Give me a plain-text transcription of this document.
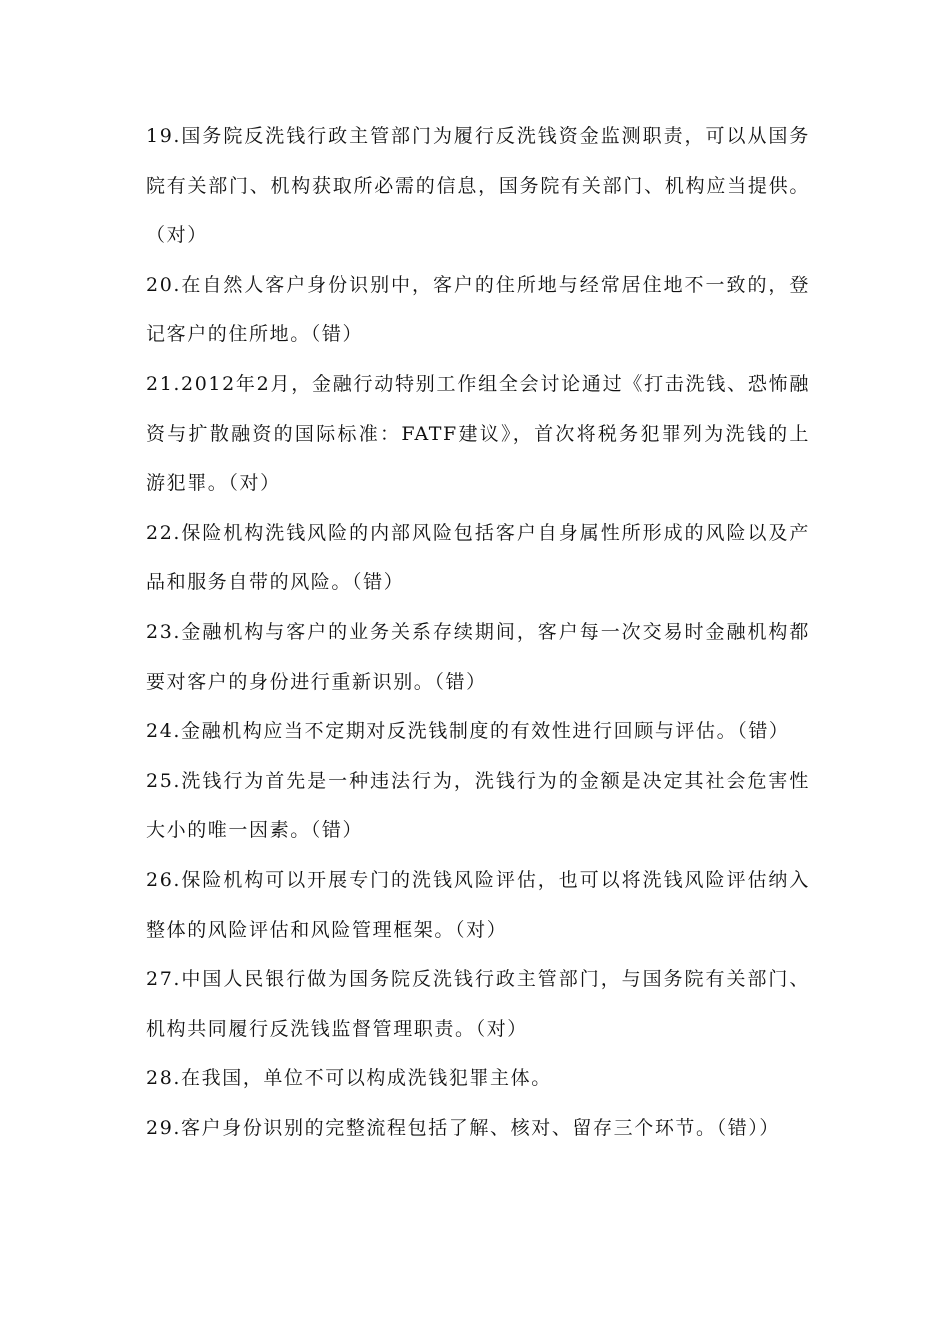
19.国务院反洗钱行政主管部门为履行反洗钱资金监测职责，可以从国务院有关部门、机构获取所必需的信息，国务院有关部门、机构应当提供。（对）

20.在自然人客户身份识别中，客户的住所地与经常居住地不一致的，登记客户的住所地。（错）

21.2012年2月，金融行动特别工作组全会讨论通过《打击洗钱、恐怖融资与扩散融资的国际标准：FATF建议》，首次将税务犯罪列为洗钱的上游犯罪。（对）

22.保险机构洗钱风险的内部风险包括客户自身属性所形成的风险以及产品和服务自带的风险。（错）

23.金融机构与客户的业务关系存续期间，客户每一次交易时金融机构都要对客户的身份进行重新识别。（错）

24.金融机构应当不定期对反洗钱制度的有效性进行回顾与评估。（错）

25.洗钱行为首先是一种违法行为，洗钱行为的金额是决定其社会危害性大小的唯一因素。（错）

26.保险机构可以开展专门的洗钱风险评估，也可以将洗钱风险评估纳入整体的风险评估和风险管理框架。（对）

27.中国人民银行做为国务院反洗钱行政主管部门，与国务院有关部门、机构共同履行反洗钱监督管理职责。（对）

28.在我国，单位不可以构成洗钱犯罪主体。

29.客户身份识别的完整流程包括了解、核对、留存三个环节。（错））
